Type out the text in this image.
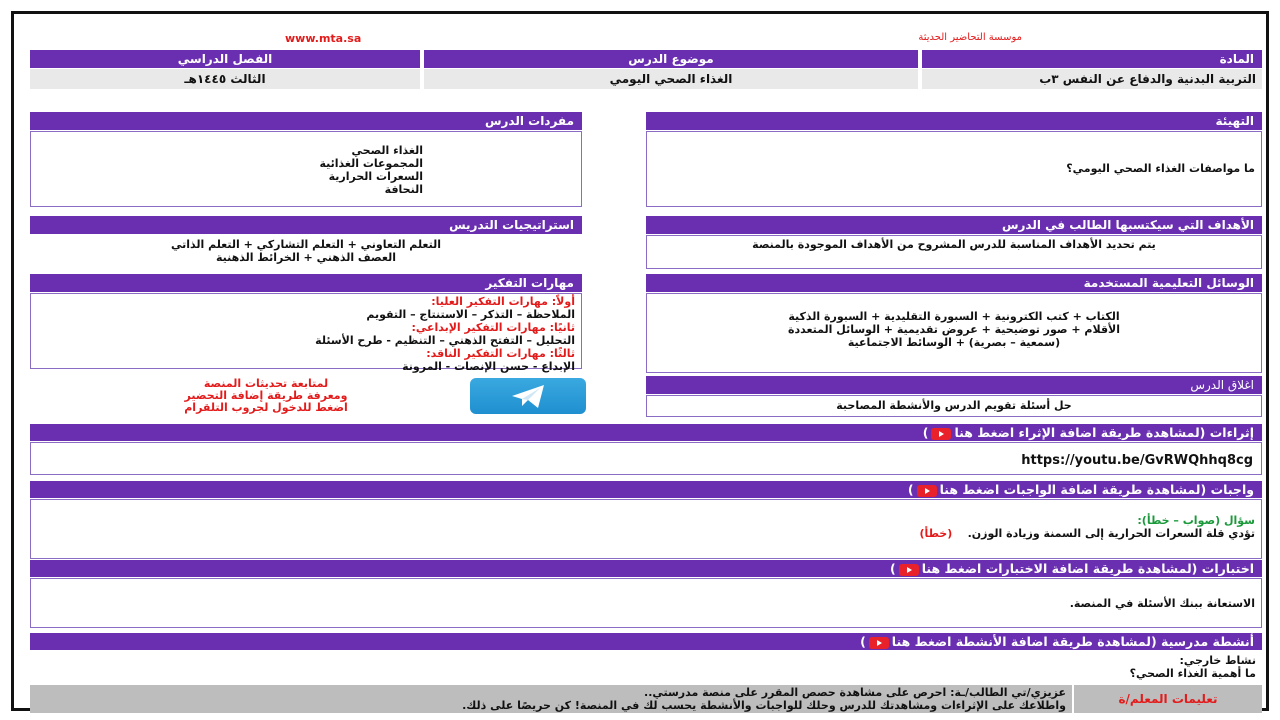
موسسة التحاضير الحديثة
www.mta.sa
المادة
موضوع الدرس
الفصل الدراسي
التربية البدنية والدفاع عن النفس ٣ب
الغذاء الصحي اليومي
الثالث ١٤٤٥هـ
التهيئة
ما مواصفات الغذاء الصحي اليومي؟
مفردات الدرس
الغذاء الصحي
المجموعات الغذائية
السعرات الحرارية
النحافة
الأهداف التي سيكتسبها الطالب في الدرس
يتم تحديد الأهداف المناسبة للدرس المشروح من الأهداف الموجودة بالمنصة
استراتيجيات التدريس
التعلم التعاوني + التعلم التشاركي + التعلم الذاتي
العصف الذهني + الخرائط الذهنية
الوسائل التعليمية المستخدمة
الكتاب + كتب الكترونية + السبورة التقليدية + السبورة الذكية
الأقلام + صور توضيحية + عروض تقديمية + الوسائل المتعددة
(سمعية – بصرية) + الوسائط الاجتماعية
مهارات التفكير
أولاً: مهارات التفكير العليا:
الملاحظة – التذكر – الاستنتاج – التقويم
ثانيًا: مهارات التفكير الإبداعي:
التحليل – التفتح الذهني – التنظيم - طرح الأسئلة
ثالثًا: مهارات التفكير الناقد:
الإبداع - حسن الإنصات - المرونة
اغلاق الدرس
حل أسئلة تقويم الدرس والأنشطة المصاحبة
لمتابعة تحديثات المنصة
ومعرفة طريقة إضافة التحضير
اضغط للدخول لجروب التلقرام
إثراءات (لمشاهدة طريقة اضافة الإثراء اضغط هنا)
https://youtu.be/GvRWQhhq8cg
واجبات (لمشاهدة طريقة اضافة الواجبات اضغط هنا)
سؤال (صواب – خطأ):
تؤدي قلة السعرات الحرارية إلى السمنة وزيادة الوزن.    (خطأ)
اختبارات (لمشاهدة طريقة اضافة الاختبارات اضغط هنا)
الاستعانة ببنك الأسئلة في المنصة.
أنشطة مدرسية (لمشاهدة طريقة اضافة الأنشطة اضغط هنا)
نشاط خارجي:
ما أهمية الغذاء الصحي؟
تعليمات المعلم/ة
عزيزي/تي الطالب/ـة: احرص على مشاهدة حصص المقرر على منصة مدرستي..
واطلاعك على الإثراءات ومشاهدتك للدرس وحلك للواجبات والأنشطة يحسب لك في المنصة! كن حريصًا على ذلك.
